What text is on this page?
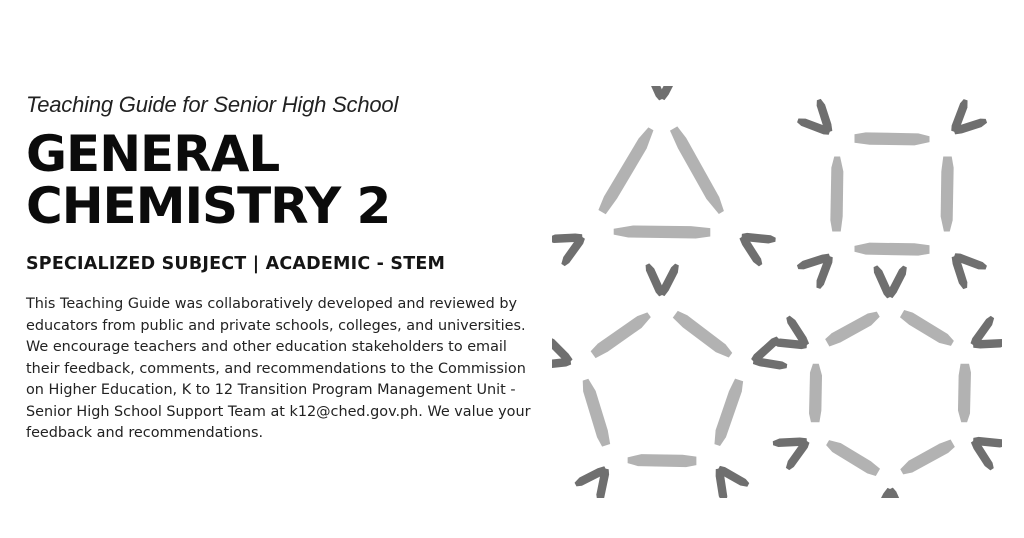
Teaching Guide for Senior High School

GENERAL
CHEMISTRY 2

SPECIALIZED SUBJECT | ACADEMIC - STEM

This Teaching Guide was collaboratively developed and reviewed by educators from public and private schools, colleges, and universities. We encourage teachers and other education stakeholders to email their feedback, comments, and recommendations to the Commission on Higher Education, K to 12 Transition Program Management Unit - Senior High School Support Team at k12@ched.gov.ph. We value your feedback and recommendations.
